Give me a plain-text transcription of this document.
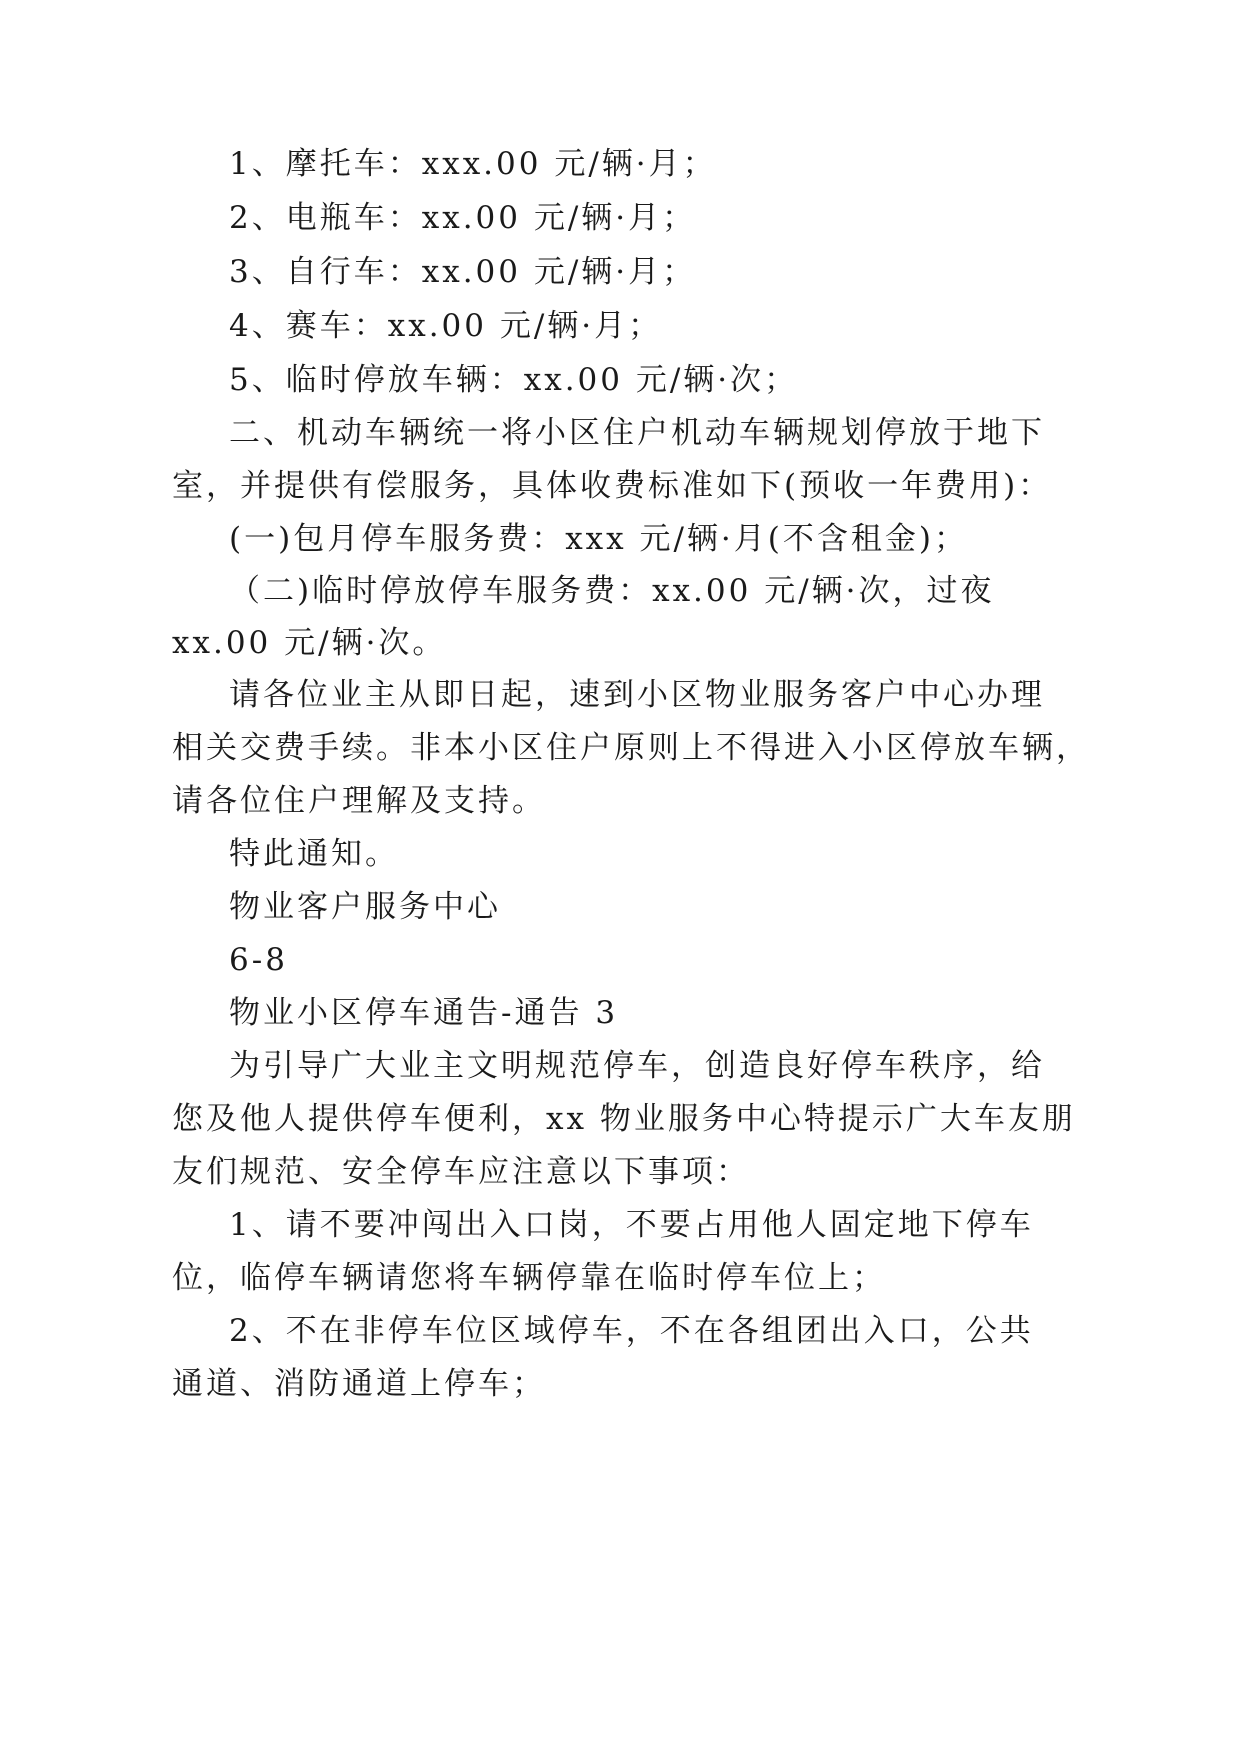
1、摩托车：xxx.00 元/辆·月；
2、电瓶车：xx.00 元/辆·月；
3、自行车：xx.00 元/辆·月；
4、赛车：xx.00 元/辆·月；
5、临时停放车辆：xx.00 元/辆·次；
二、机动车辆统一将小区住户机动车辆规划停放于地下
室，并提供有偿服务，具体收费标准如下(预收一年费用)：
(一)包月停车服务费：xxx 元/辆·月(不含租金)；
（二)临时停放停车服务费：xx.00 元/辆·次，过夜
xx.00 元/辆·次。
请各位业主从即日起，速到小区物业服务客户中心办理
相关交费手续。非本小区住户原则上不得进入小区停放车辆，
请各位住户理解及支持。
特此通知。
物业客户服务中心
6-8
物业小区停车通告-通告 3
为引导广大业主文明规范停车，创造良好停车秩序，给
您及他人提供停车便利，xx 物业服务中心特提示广大车友朋
友们规范、安全停车应注意以下事项：
1、请不要冲闯出入口岗，不要占用他人固定地下停车
位，临停车辆请您将车辆停靠在临时停车位上；
2、不在非停车位区域停车，不在各组团出入口，公共
通道、消防通道上停车；
